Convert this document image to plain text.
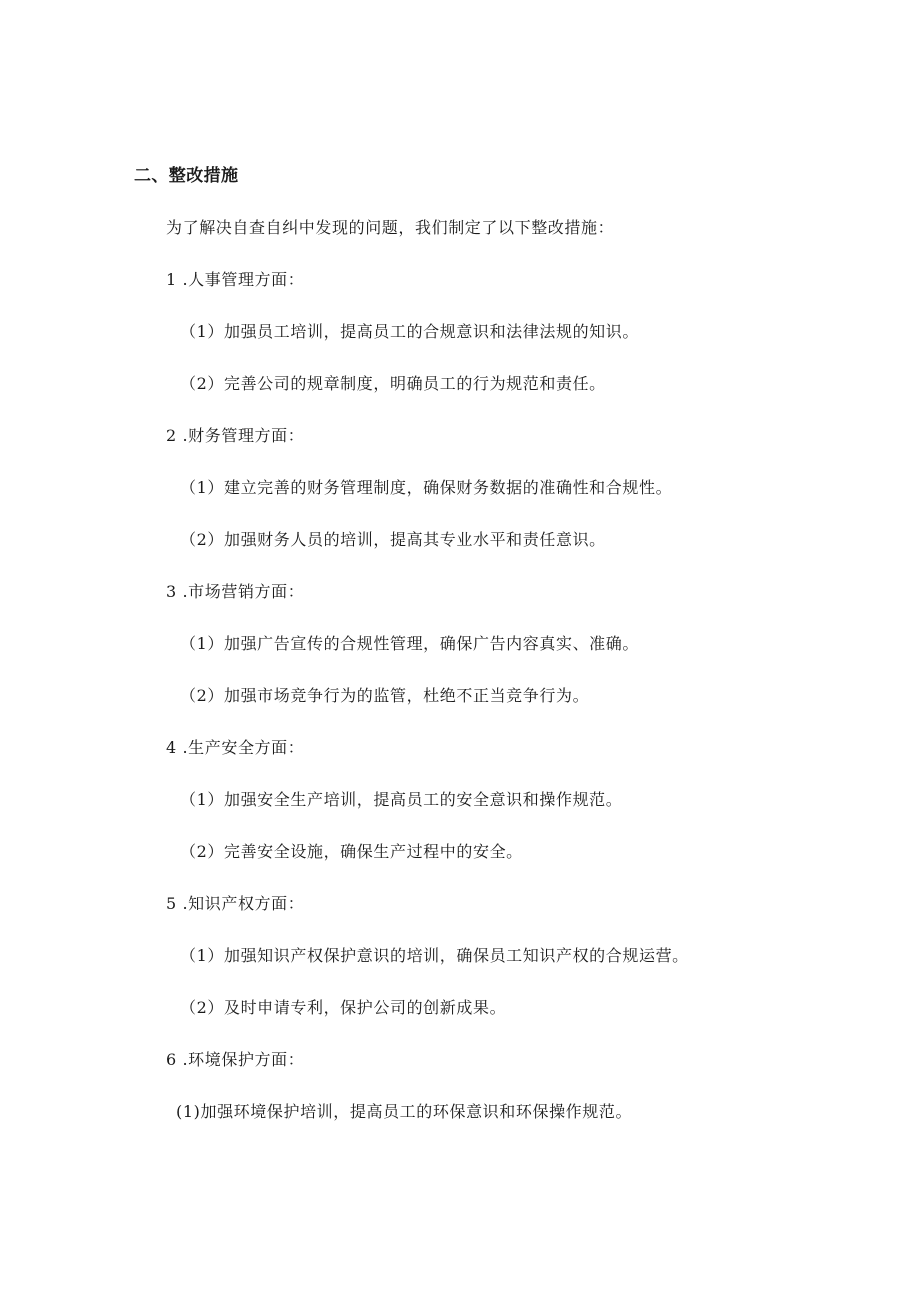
二、整改措施
为了解决自查自纠中发现的问题，我们制定了以下整改措施：
1 .人事管理方面：
（1）加强员工培训，提高员工的合规意识和法律法规的知识。
（2）完善公司的规章制度，明确员工的行为规范和责任。
2 .财务管理方面：
（1）建立完善的财务管理制度，确保财务数据的准确性和合规性。
（2）加强财务人员的培训，提高其专业水平和责任意识。
3 .市场营销方面：
（1）加强广告宣传的合规性管理，确保广告内容真实、准确。
（2）加强市场竞争行为的监管，杜绝不正当竞争行为。
4 .生产安全方面：
（1）加强安全生产培训，提高员工的安全意识和操作规范。
（2）完善安全设施，确保生产过程中的安全。
5 .知识产权方面：
（1）加强知识产权保护意识的培训，确保员工知识产权的合规运营。
（2）及时申请专利，保护公司的创新成果。
6 .环境保护方面：
(1)加强环境保护培训，提高员工的环保意识和环保操作规范。
